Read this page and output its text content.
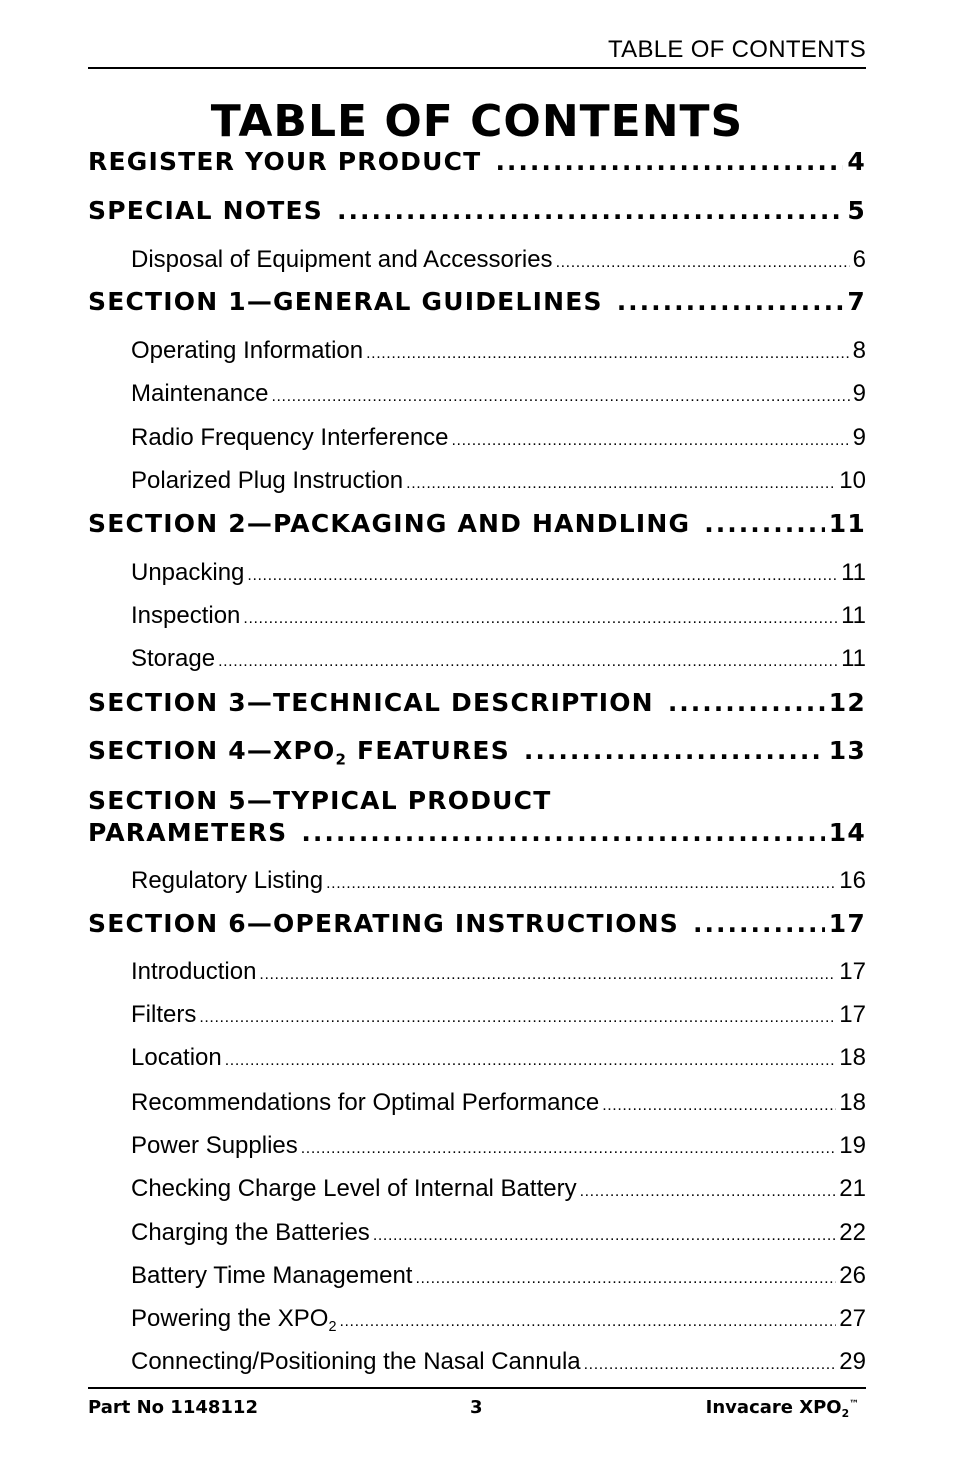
TABLE OF CONTENTS
TABLE OF CONTENTS
REGISTER YOUR PRODUCT .....	4
SPECIAL NOTES .....	5
Disposal of Equipment and Accessories .....	6
SECTION 1—GENERAL GUIDELINES .....	7
Operating Information .....	8
Maintenance .....	9
Radio Frequency Interference .....	9
Polarized Plug Instruction .....	10
SECTION 2—PACKAGING AND HANDLING .....	11
Unpacking .....	11
Inspection .....	11
Storage .....	11
SECTION 3—TECHNICAL DESCRIPTION .....	12
SECTION $4—XPO_2$ FEATURES .....	13
SECTION 5—TYPICAL PRODUCT
PARAMETERS .....	14
Regulatory Listing .....	16
SECTION 6—OPERATING INSTRUCTIONS .....	17
Introduction .....	17
Filters .....	17
Location .....	18
Recommendations for Optimal Performance .....	18
Power Supplies .....	19
Checking Charge Level of Internal Battery .....	21
Charging the Batteries .....	22
Battery Time Management .....	26
Powering the $XPO_2$ .....	27
Connecting/Positioning the Nasal Cannula .....	29
Part No 1148112	3	Invacare $XPO_2™$
